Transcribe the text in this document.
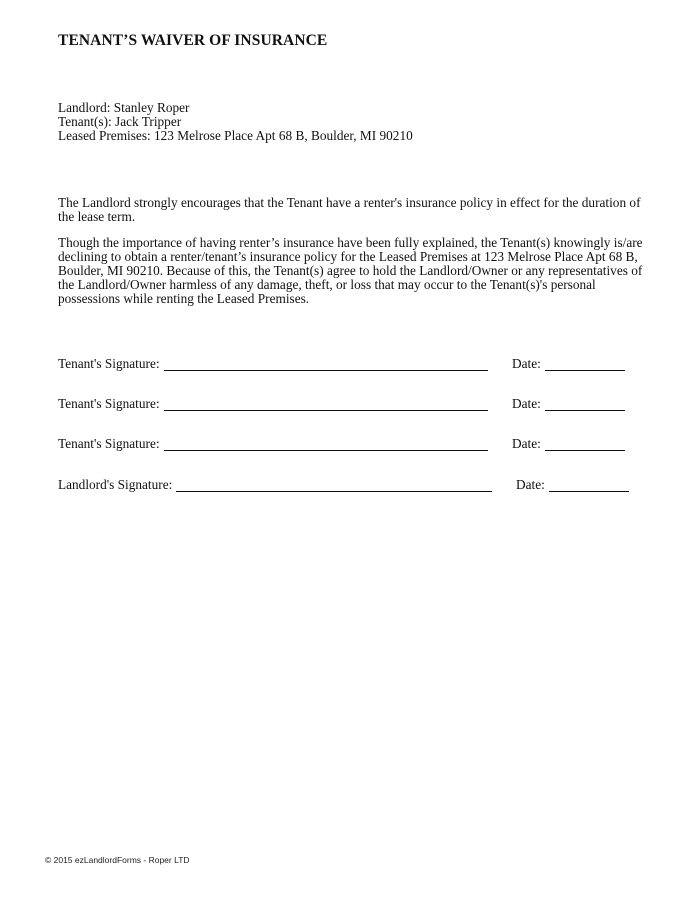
TENANT’S WAIVER OF INSURANCE
Landlord: Stanley Roper
Tenant(s): Jack Tripper
Leased Premises: 123 Melrose Place Apt 68 B, Boulder, MI 90210

The Landlord strongly encourages that the Tenant have a renter's insurance policy in effect for the duration of the lease term.

Though the importance of having renter’s insurance have been fully explained, the Tenant(s) knowingly is/are declining to obtain a renter/tenant’s insurance policy for the Leased Premises at 123 Melrose Place Apt 68 B, Boulder, MI 90210. Because of this, the Tenant(s) agree to hold the Landlord/Owner or any representatives of the Landlord/Owner harmless of any damage, theft, or loss that may occur to the Tenant(s)'s personal possessions while renting the Leased Premises.

Tenant's Signature:	Date:
Tenant's Signature:	Date:
Tenant's Signature:	Date:
Landlord's Signature:	Date:
© 2015 ezLandlordForms - Roper LTD
